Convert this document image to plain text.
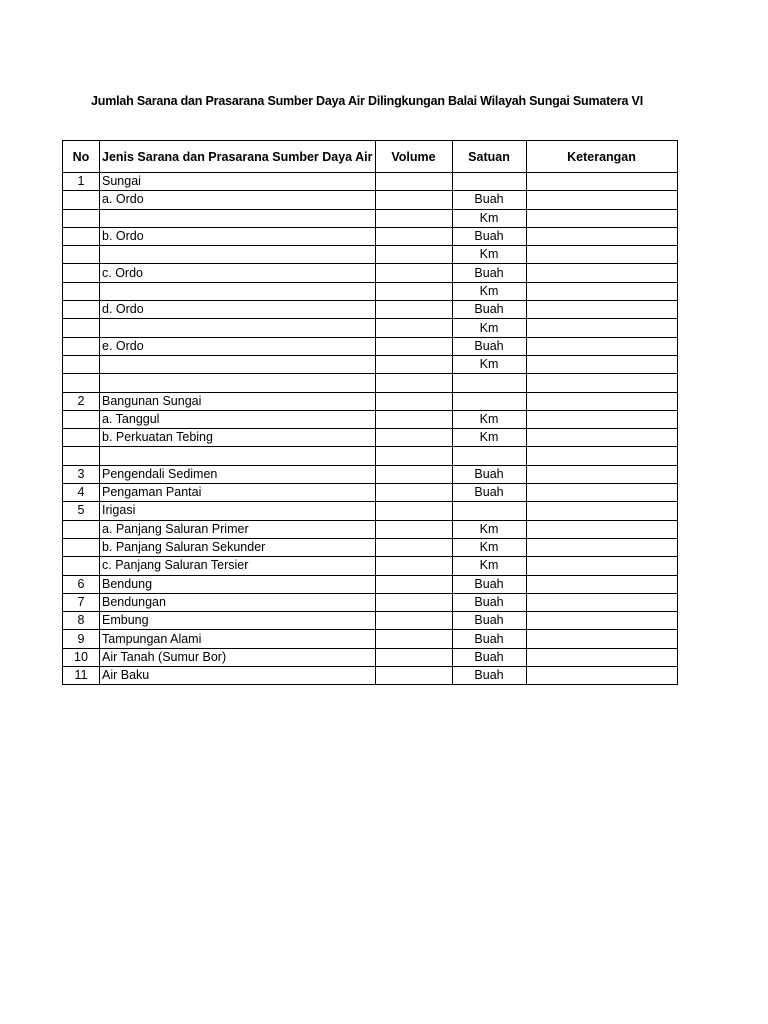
Jumlah Sarana dan Prasarana Sumber Daya Air Dilingkungan Balai Wilayah Sungai Sumatera VI
No	Jenis Sarana dan Prasarana Sumber Daya Air	Volume	Satuan	Keterangan
1	Sungai			
	a. Ordo		Buah	
			Km	
	b. Ordo		Buah	
			Km	
	c. Ordo		Buah	
			Km	
	d. Ordo		Buah	
			Km	
	e. Ordo		Buah	
			Km	

2	Bangunan Sungai			
	a. Tanggul		Km	
	b. Perkuatan Tebing		Km	

3	Pengendali Sedimen		Buah	
4	Pengaman Pantai		Buah	
5	Irigasi			
	a. Panjang Saluran Primer		Km	
	b. Panjang Saluran Sekunder		Km	
	c. Panjang Saluran Tersier		Km	
6	Bendung		Buah	
7	Bendungan		Buah	
8	Embung		Buah	
9	Tampungan Alami		Buah	
10	Air Tanah (Sumur Bor)		Buah	
11	Air Baku		Buah	
